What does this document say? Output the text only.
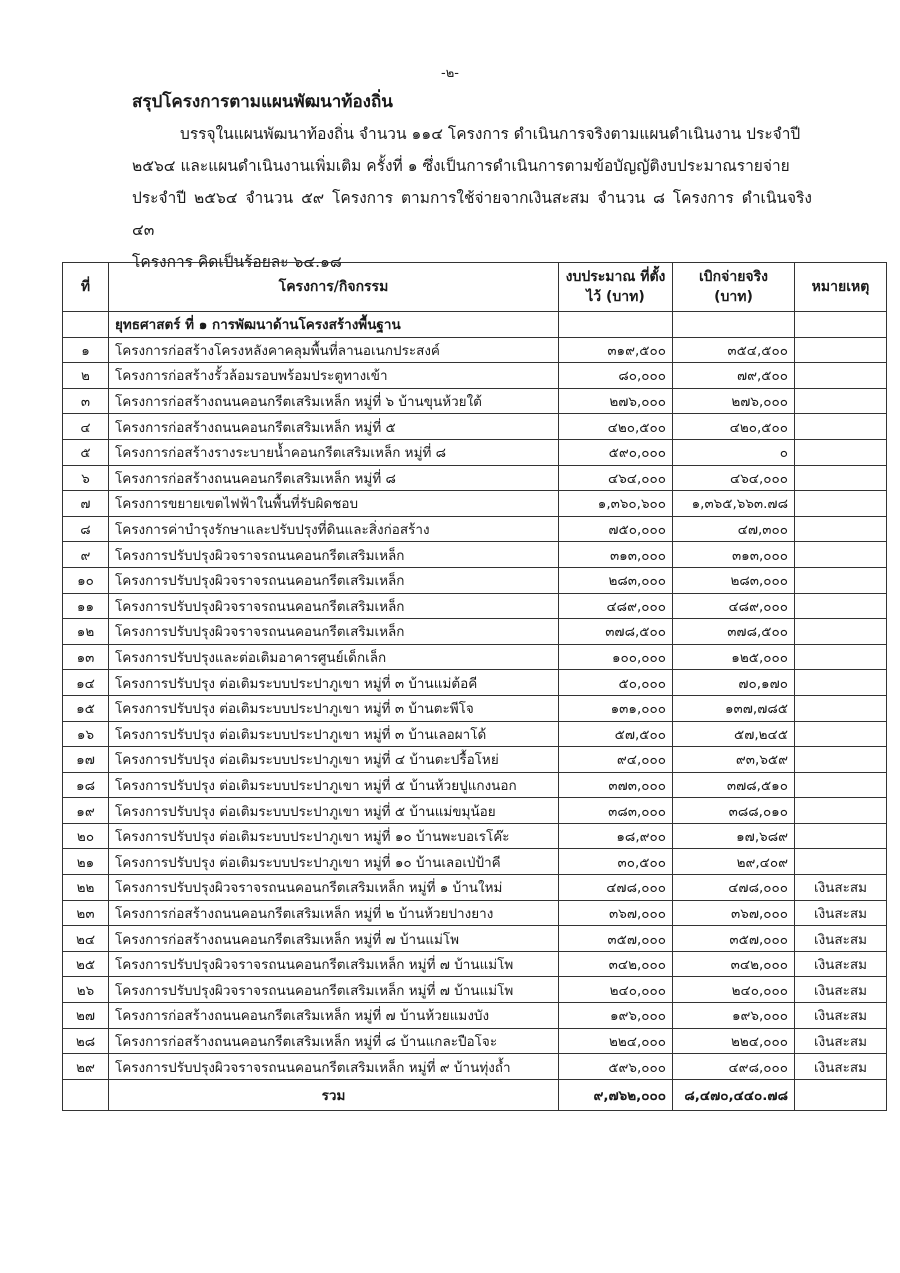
-๒-
สรุปโครงการตามแผนพัฒนาท้องถิ่น
บรรจุในแผนพัฒนาท้องถิ่น จำนวน ๑๑๔ โครงการ ดำเนินการจริงตามแผนดำเนินงาน ประจำปี
๒๕๖๔ และแผนดำเนินงานเพิ่มเติม ครั้งที่ ๑ ซึ่งเป็นการดำเนินการตามข้อบัญญัติงบประมาณรายจ่าย
ประจำปี ๒๕๖๔ จำนวน ๕๙ โครงการ ตามการใช้จ่ายจากเงินสะสม จำนวน ๘ โครงการ ดำเนินจริง ๔๓
โครงการ คิดเป็นร้อยละ ๖๔.๑๘
ที่	โครงการ/กิจกรรม	งบประมาณ ที่ตั้งไว้ (บาท)	เบิกจ่ายจริง (บาท)	หมายเหตุ
	ยุทธศาสตร์ ที่ ๑ การพัฒนาด้านโครงสร้างพื้นฐาน			
๑	โครงการก่อสร้างโครงหลังคาคลุมพื้นที่ลานอเนกประสงค์	๓๑๙,๕๐๐	๓๕๔,๕๐๐	
๒	โครงการก่อสร้างรั้วล้อมรอบพร้อมประตูทางเข้า	๘๐,๐๐๐	๗๙,๕๐๐	
๓	โครงการก่อสร้างถนนคอนกรีตเสริมเหล็ก หมู่ที่ ๖ บ้านขุนห้วยใต้	๒๗๖,๐๐๐	๒๗๖,๐๐๐	
๔	โครงการก่อสร้างถนนคอนกรีตเสริมเหล็ก หมู่ที่ ๕	๔๒๐,๕๐๐	๔๒๐,๕๐๐	
๕	โครงการก่อสร้างรางระบายน้ำคอนกรีตเสริมเหล็ก หมู่ที่ ๘	๕๙๐,๐๐๐	๐	
๖	โครงการก่อสร้างถนนคอนกรีตเสริมเหล็ก หมู่ที่ ๘	๔๖๔,๐๐๐	๔๖๔,๐๐๐	
๗	โครงการขยายเขตไฟฟ้าในพื้นที่รับผิดชอบ	๑,๓๖๐,๖๐๐	๑,๓๖๕,๖๖๓.๗๘	
๘	โครงการค่าบำรุงรักษาและปรับปรุงที่ดินและสิ่งก่อสร้าง	๗๕๐,๐๐๐	๔๗,๓๐๐	
๙	โครงการปรับปรุงผิวจราจรถนนคอนกรีตเสริมเหล็ก	๓๑๓,๐๐๐	๓๑๓,๐๐๐	
๑๐	โครงการปรับปรุงผิวจราจรถนนคอนกรีตเสริมเหล็ก	๒๘๓,๐๐๐	๒๘๓,๐๐๐	
๑๑	โครงการปรับปรุงผิวจราจรถนนคอนกรีตเสริมเหล็ก	๔๘๙,๐๐๐	๔๘๙,๐๐๐	
๑๒	โครงการปรับปรุงผิวจราจรถนนคอนกรีตเสริมเหล็ก	๓๗๘,๕๐๐	๓๗๘,๕๐๐	
๑๓	โครงการปรับปรุงและต่อเติมอาคารศูนย์เด็กเล็ก	๑๐๐,๐๐๐	๑๒๕,๐๐๐	
๑๔	โครงการปรับปรุง ต่อเติมระบบประปาภูเขา หมู่ที่ ๓ บ้านแม่ต้อคี	๕๐,๐๐๐	๗๐,๑๗๐	
๑๕	โครงการปรับปรุง ต่อเติมระบบประปาภูเขา หมู่ที่ ๓ บ้านตะพีโจ	๑๓๑,๐๐๐	๑๓๗,๗๘๕	
๑๖	โครงการปรับปรุง ต่อเติมระบบประปาภูเขา หมู่ที่ ๓ บ้านเลอผาโด้	๕๗,๕๐๐	๕๗,๒๔๕	
๑๗	โครงการปรับปรุง ต่อเติมระบบประปาภูเขา หมู่ที่ ๔ บ้านตะปรื้อโหย่	๙๔,๐๐๐	๙๓,๖๕๙	
๑๘	โครงการปรับปรุง ต่อเติมระบบประปาภูเขา หมู่ที่ ๕ บ้านห้วยปูแกงนอก	๓๗๓,๐๐๐	๓๗๘,๕๑๐	
๑๙	โครงการปรับปรุง ต่อเติมระบบประปาภูเขา หมู่ที่ ๕ บ้านแม่ขมุน้อย	๓๘๓,๐๐๐	๓๘๘,๐๑๐	
๒๐	โครงการปรับปรุง ต่อเติมระบบประปาภูเขา หมู่ที่ ๑๐ บ้านพะบอเรโค๊ะ	๑๘,๙๐๐	๑๗,๖๘๙	
๒๑	โครงการปรับปรุง ต่อเติมระบบประปาภูเขา หมู่ที่ ๑๐ บ้านเลอเป่ป้าคี	๓๐,๕๐๐	๒๙,๔๐๙	
๒๒	โครงการปรับปรุงผิวจราจรถนนคอนกรีตเสริมเหล็ก หมู่ที่ ๑ บ้านใหม่	๔๗๘,๐๐๐	๔๗๘,๐๐๐	เงินสะสม
๒๓	โครงการก่อสร้างถนนคอนกรีตเสริมเหล็ก หมู่ที่ ๒ บ้านห้วยปางยาง	๓๖๗,๐๐๐	๓๖๗,๐๐๐	เงินสะสม
๒๔	โครงการก่อสร้างถนนคอนกรีตเสริมเหล็ก หมู่ที่ ๗ บ้านแม่โพ	๓๕๗,๐๐๐	๓๕๗,๐๐๐	เงินสะสม
๒๕	โครงการปรับปรุงผิวจราจรถนนคอนกรีตเสริมเหล็ก หมู่ที่ ๗ บ้านแม่โพ	๓๔๒,๐๐๐	๓๔๒,๐๐๐	เงินสะสม
๒๖	โครงการปรับปรุงผิวจราจรถนนคอนกรีตเสริมเหล็ก หมู่ที่ ๗ บ้านแม่โพ	๒๔๐,๐๐๐	๒๔๐,๐๐๐	เงินสะสม
๒๗	โครงการก่อสร้างถนนคอนกรีตเสริมเหล็ก หมู่ที่ ๗ บ้านห้วยแมงบัง	๑๙๖,๐๐๐	๑๙๖,๐๐๐	เงินสะสม
๒๘	โครงการก่อสร้างถนนคอนกรีตเสริมเหล็ก หมู่ที่ ๘ บ้านแกละปือโจะ	๒๒๔,๐๐๐	๒๒๔,๐๐๐	เงินสะสม
๒๙	โครงการปรับปรุงผิวจราจรถนนคอนกรีตเสริมเหล็ก หมู่ที่ ๙ บ้านทุ่งถ้ำ	๕๙๖,๐๐๐	๔๙๘,๐๐๐	เงินสะสม
	รวม	๙,๗๖๒,๐๐๐	๘,๔๗๐,๔๔๐.๗๘	
